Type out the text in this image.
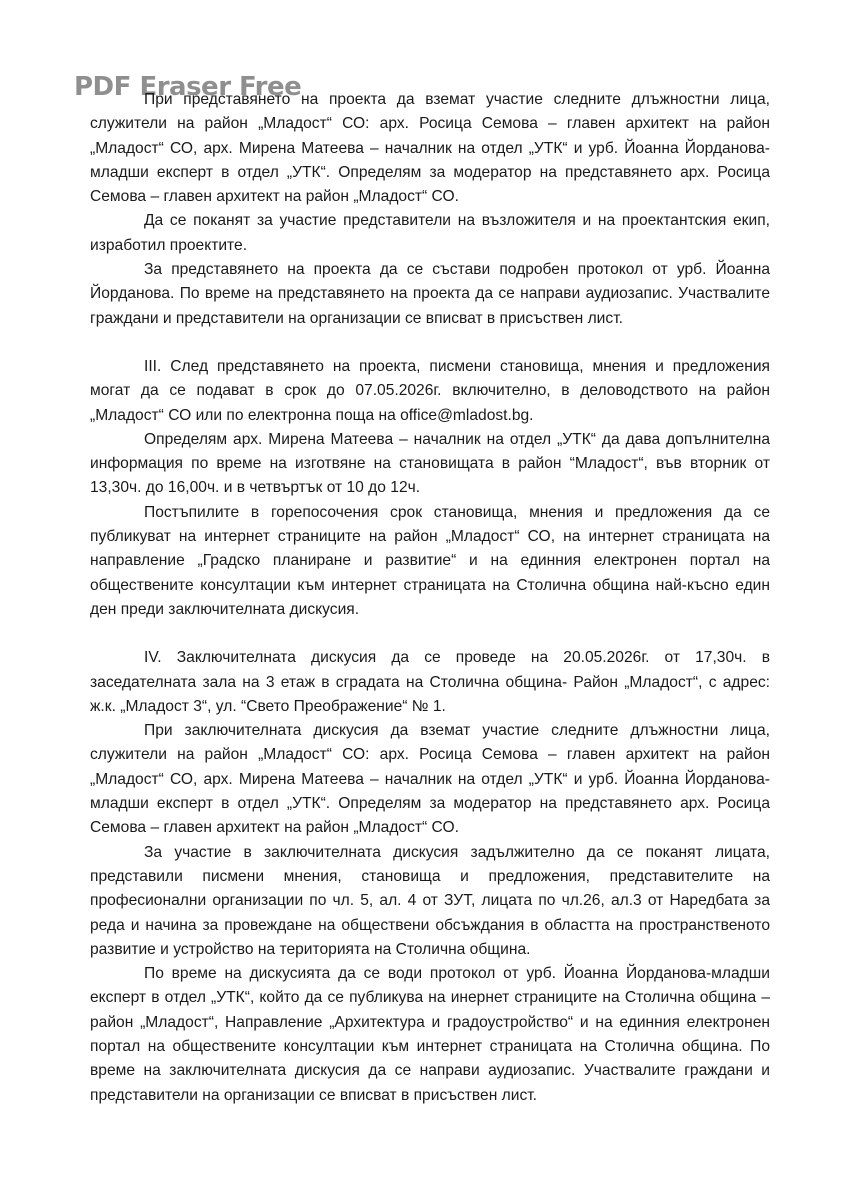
PDF Eraser Free

При представянето на проекта да вземат участие следните длъжностни лица, служители на район „Младост“ СО: арх. Росица Семова – главен архитект на район „Младост“ СО, арх. Мирена Матеева – началник на отдел „УТК“ и урб. Йоанна Йорданова- младши експерт в отдел „УТК“. Определям за модератор на представянето арх. Росица Семова – главен архитект на район „Младост“ СО.

Да се поканят за участие представители на възложителя и на проектантския екип, изработил проектите.

За представянето на проекта да се състави подробен протокол от урб. Йоанна Йорданова. По време на представянето на проекта да се направи аудиозапис. Участвалите граждани и представители на организации се вписват в присъствен лист.

III. След представянето на проекта, писмени становища, мнения и предложения могат да се подават в срок до 07.05.2026г. включително, в деловодството на район „Младост“ СО или по електронна поща на office@mladost.bg.

Определям арх. Мирена Матеева – началник на отдел „УТК“ да дава допълнителна информация по време на изготвяне на становищата в район “Младост“, във вторник от 13,30ч. до 16,00ч. и в четвъртък от 10 до 12ч.

Постъпилите в горепосочения срок становища, мнения и предложения да се публикуват на интернет страниците на район „Младост“ СО, на интернет страницата на направление „Градско планиране и развитие“ и на единния електронен портал на обществените консултации към интернет страницата на Столична община най-късно един ден преди заключителната дискусия.

IV. Заключителната дискусия да се проведе на 20.05.2026г. от 17,30ч. в заседателната зала на 3 етаж в сградата на Столична община- Район „Младост“, с адрес: ж.к. „Младост 3“, ул. “Свето Преображение“ № 1.

При заключителната дискусия да вземат участие следните длъжностни лица, служители на район „Младост“ СО: арх. Росица Семова – главен архитект на район „Младост“ СО, арх. Мирена Матеева – началник на отдел „УТК“ и урб. Йоанна Йорданова-младши експерт в отдел „УТК“. Определям за модератор на представянето арх. Росица Семова – главен архитект на район „Младост“ СО.

За участие в заключителната дискусия задължително да се поканят лицата, представили писмени мнения, становища и предложения, представителите на професионални организации по чл. 5, ал. 4 от ЗУТ, лицата по чл.26, ал.3 от Наредбата за реда и начина за провеждане на обществени обсъждания в областта на пространственото развитие и устройство на територията на Столична община.

По време на дискусията да се води протокол от урб. Йоанна Йорданова-младши експерт в отдел „УТК“, който да се публикува на инернет страниците на Столична община – район „Младост“, Направление „Архитектура и градоустройство“ и на единния електронен портал на обществените консултации към интернет страницата на Столична община. По време на заключителната дискусия да се направи аудиозапис. Участвалите граждани и представители на организации се вписват в присъствен лист.
